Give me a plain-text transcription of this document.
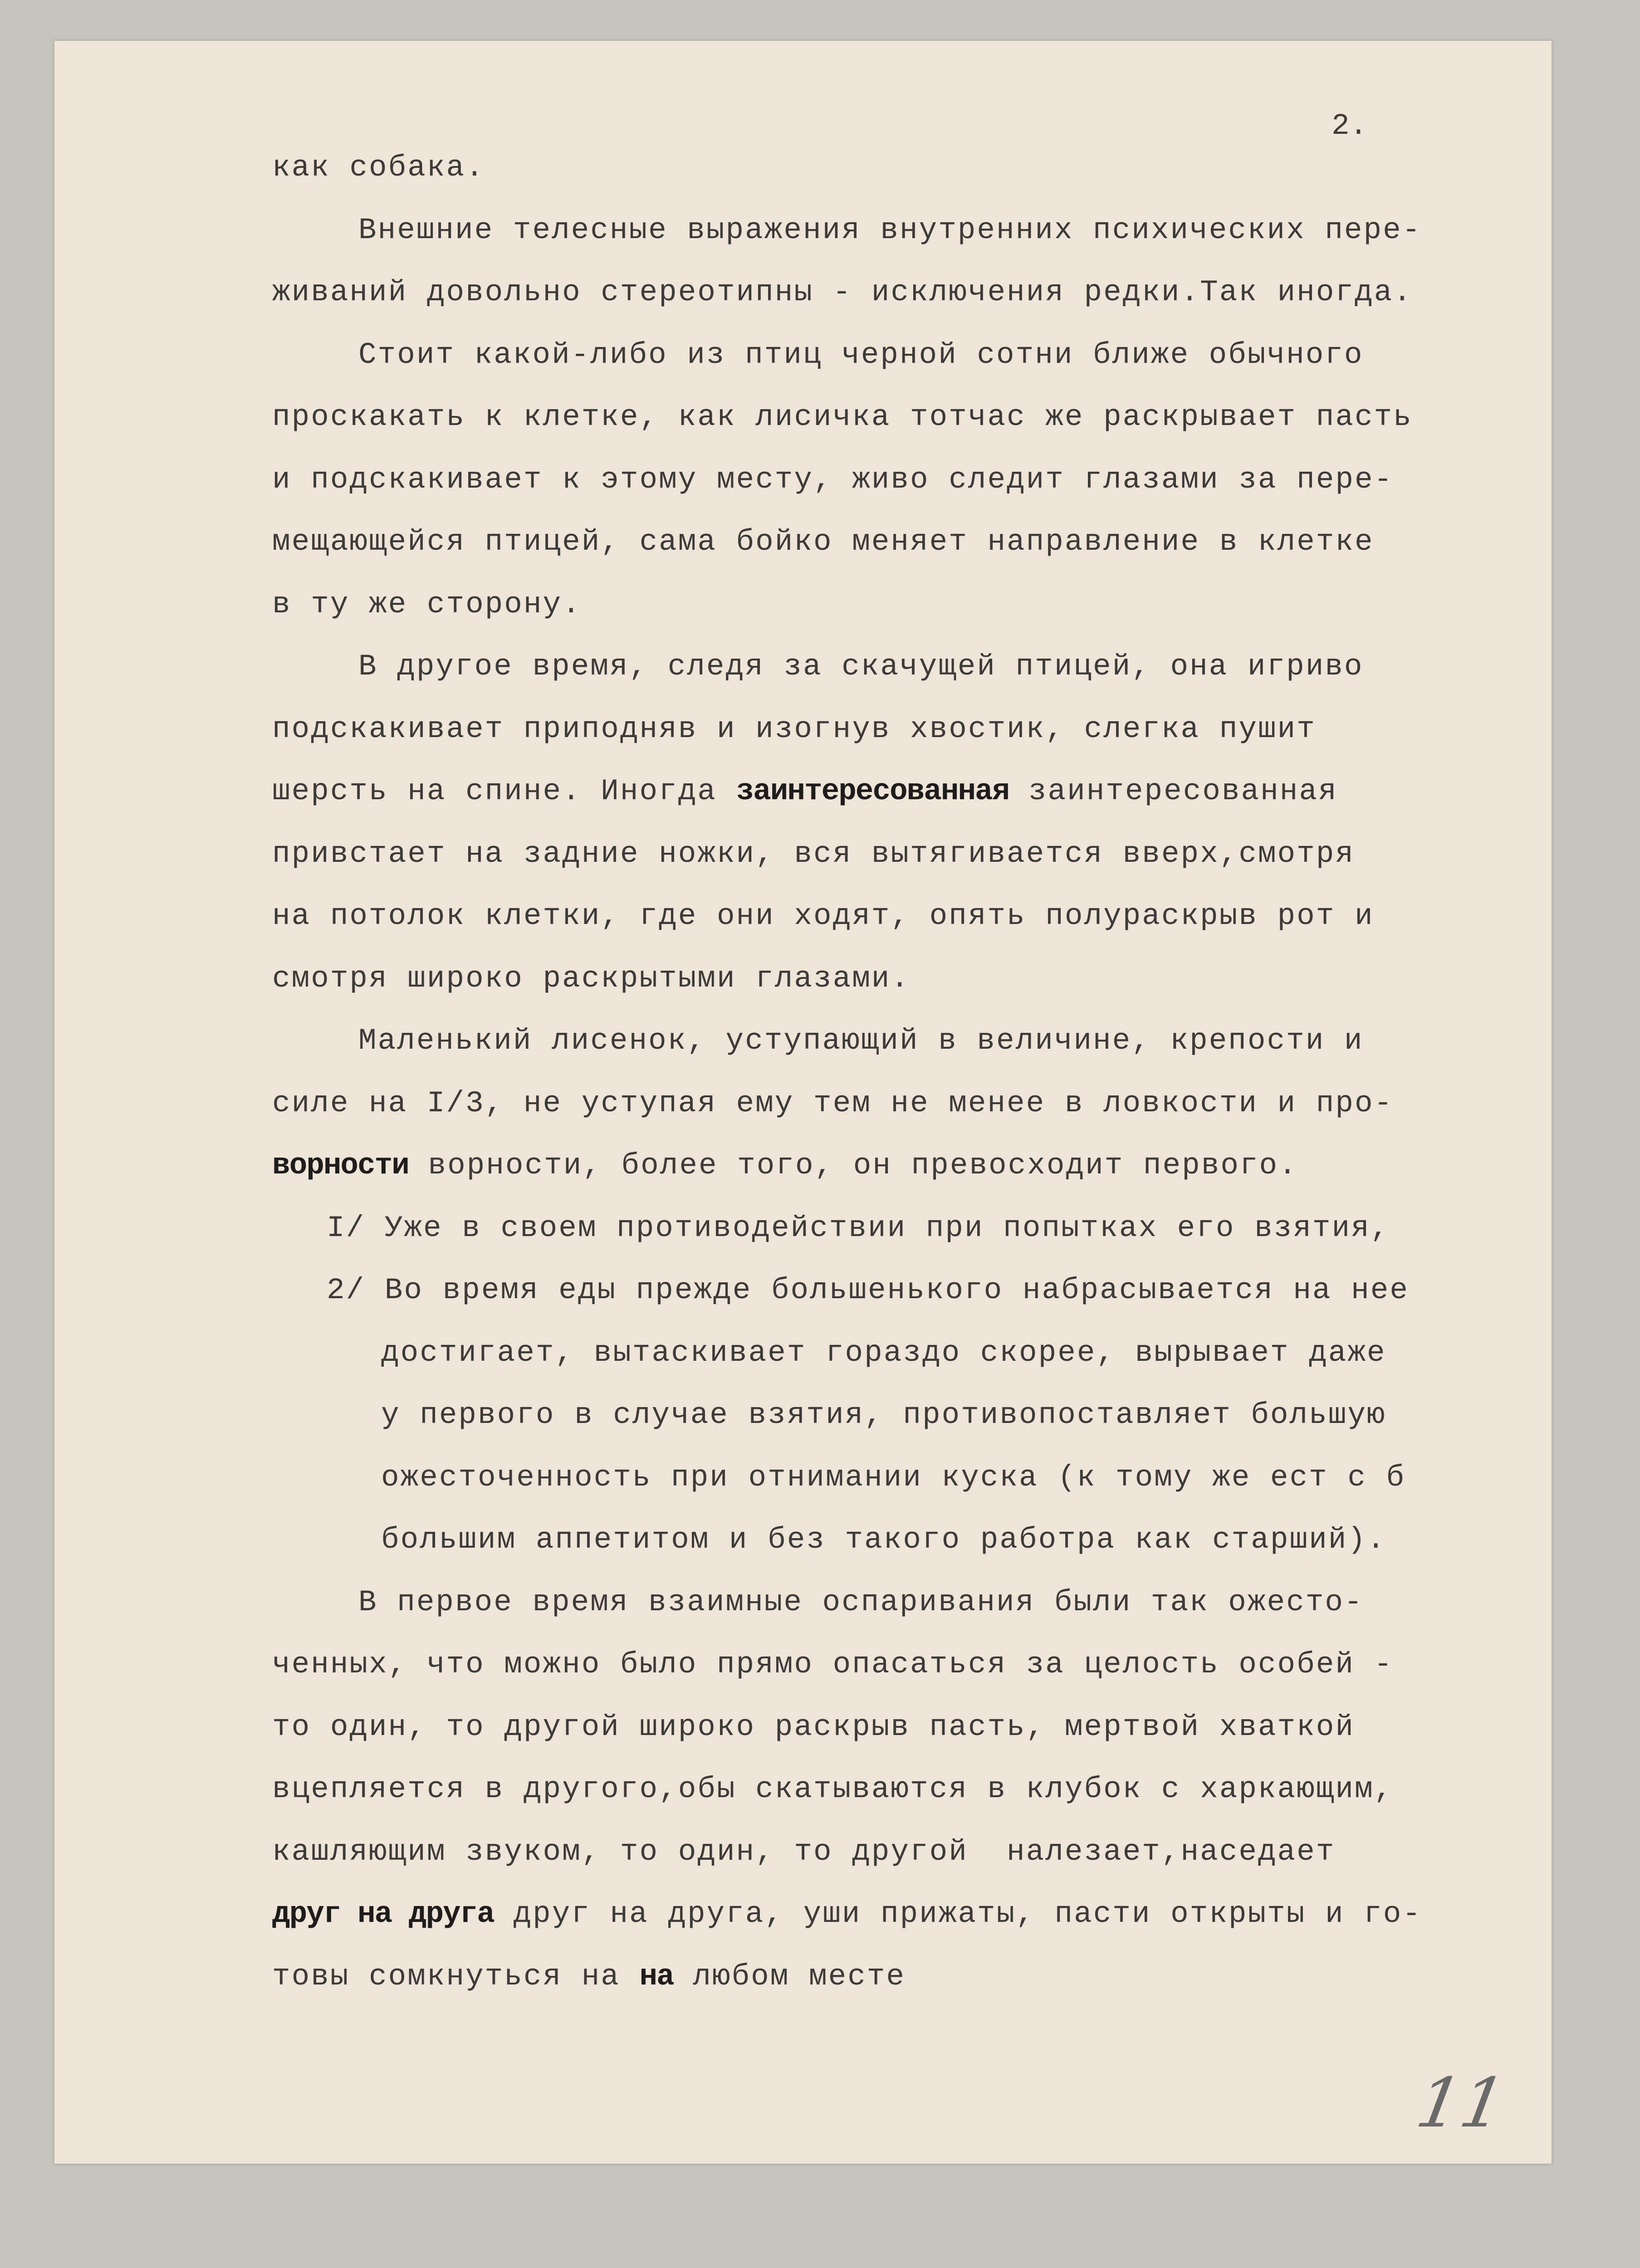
2.
как собака.
Внешние телесные выражения внутренних психических пере-
живаний довольно стереотипны - исключения редки.Так иногда.
Стоит какой-либо из птиц черной сотни ближе обычного
проскакать к клетке, как лисичка тотчас же раскрывает пасть
и подскакивает к этому месту, живо следит глазами за пере-
мещающейся птицей, сама бойко меняет направление в клетке
в ту же сторону.
В другое время, следя за скачущей птицей, она игриво
подскакивает приподняв и изогнув хвостик, слегка пушит
шерсть на спине. Иногда заинтересованная заинтересованная
привстает на задние ножки, вся вытягивается вверх,смотря
на потолок клетки, где они ходят, опять полураскрыв рот и
смотря широко раскрытыми глазами.
Маленький лисенок, уступающий в величине, крепости и
силе на I/3, не уступая ему тем не менее в ловкости и про-
ворности ворности, более того, он превосходит первого.
I/ Уже в своем противодействии при попытках его взятия,
2/ Во время еды прежде большенького набрасывается на нее
достигает, вытаскивает гораздо скорее, вырывает даже
у первого в случае взятия, противопоставляет большую
ожесточенность при отнимании куска (к тому же ест с б
большим аппетитом и без такого работра как старший).
В первое время взаимные оспаривания были так ожесто-
ченных, что можно было прямо опасаться за целость особей -
то один, то другой широко раскрыв пасть, мертвой хваткой
вцепляется в другого,обы скатываются в клубок с харкающим,
кашляющим звуком, то один, то другой  налезает,наседает
друг на друга друг на друга, уши прижаты, пасти открыты и го-
товы сомкнуться на на любом месте
11
